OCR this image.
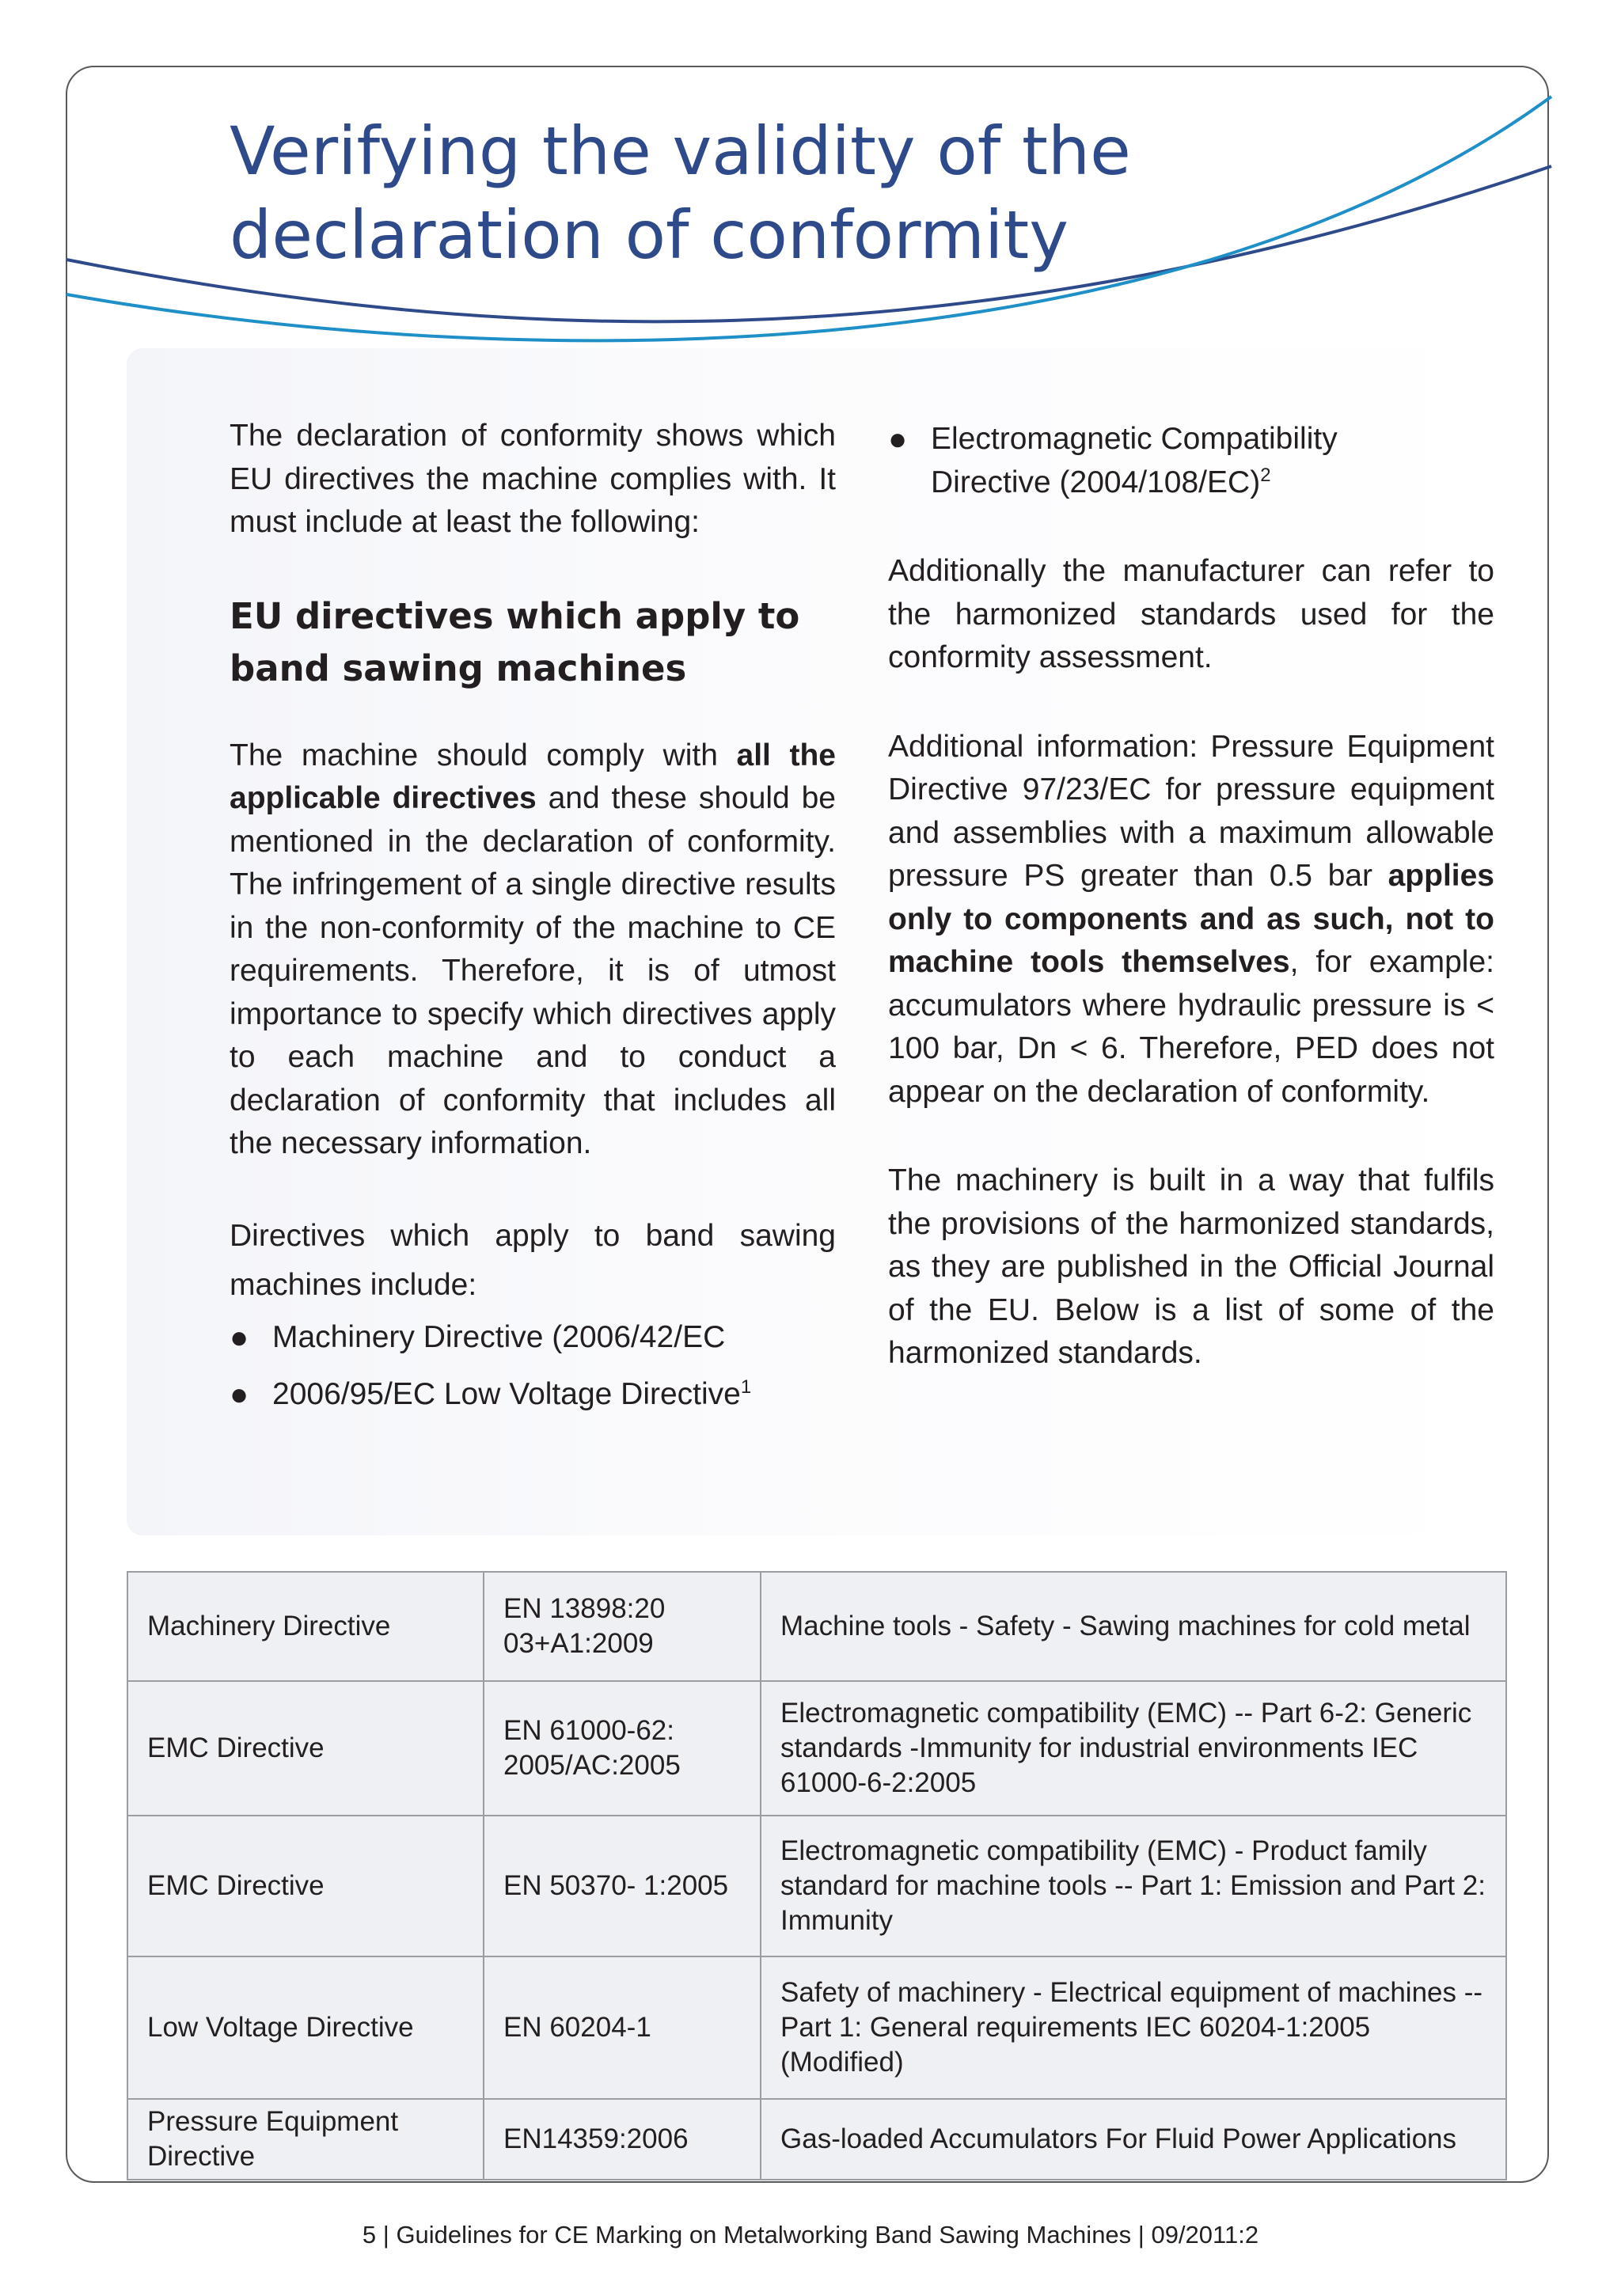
Verifying the validity of the
declaration of conformity

The declaration of conformity shows which EU directives the machine complies with. It must include at least the following:

EU directives which apply to
band sawing machines

The machine should comply with all the applicable directives and these should be mentioned in the declaration of conformity. The infringement of a single directive results in the non-conformity of the machine to CE requirements. Therefore, it is of utmost importance to specify which directives apply to each machine and to conduct a declaration of conformity that includes all the necessary information.

Directives which apply to band sawing machines include:

● Machinery Directive (2006/42/EC
● 2006/95/EC Low Voltage Directive$^1$
● Electromagnetic Compatibility
Directive $(2004/108/EC)^2$

Additionally the manufacturer can refer to the harmonized standards used for the conformity assessment.

Additional information: Pressure Equipment Directive 97/23/EC for pressure equipment and assemblies with a maximum allowable pressure PS greater than 0.5 bar applies only to components and as such, not to machine tools themselves, for example: accumulators where hydraulic pressure is < 100 bar, Dn < 6. Therefore, PED does not appear on the declaration of conformity.

The machinery is built in a way that fulfils the provisions of the harmonized standards, as they are published in the Official Journal of the EU. Below is a list of some of the harmonized standards.

Machinery Directive	EN 13898:20 03+A1:2009	Machine tools - Safety - Sawing machines for cold metal
EMC Directive	EN 61000-62: 2005/AC:2005	Electromagnetic compatibility (EMC) -- Part 6-2: Generic standards -Immunity for industrial environments IEC 61000-6-2:2005
EMC Directive	EN 50370- 1:2005	Electromagnetic compatibility (EMC) - Product family standard for machine tools -- Part 1: Emission and Part 2: Immunity
Low Voltage Directive	EN 60204-1	Safety of machinery - Electrical equipment of machines -- Part 1: General requirements IEC 60204-1:2005 (Modified)
Pressure Equipment Directive	EN14359:2006	Gas-loaded Accumulators For Fluid Power Applications
5 | Guidelines for CE Marking on Metalworking Band Sawing Machines | 09/2011:2
